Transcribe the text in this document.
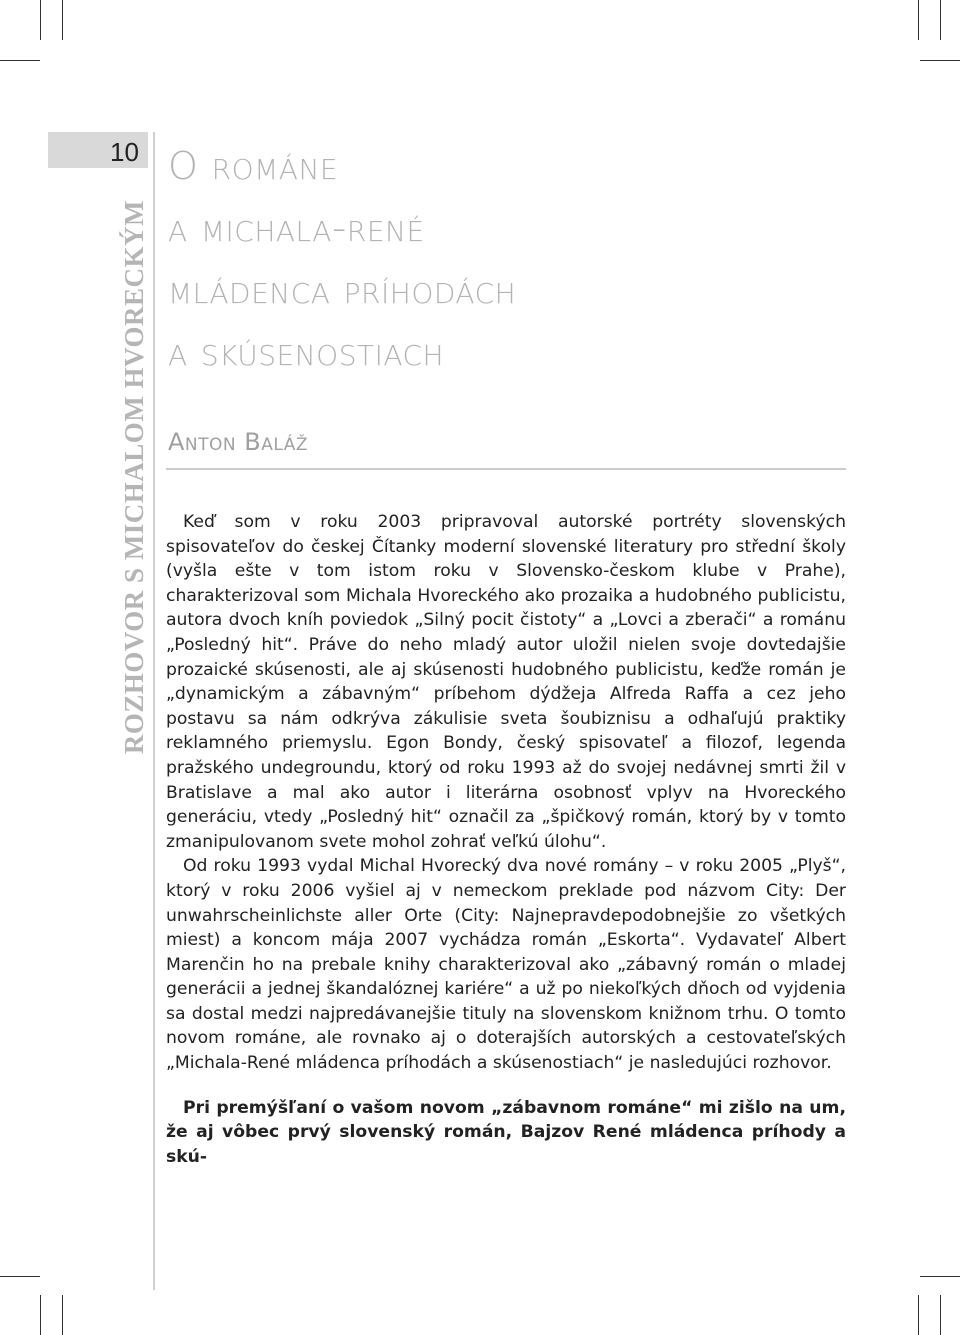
10
ROZHOVOR S MICHALOM HVORECKÝM
o románe
a michala-rené
mládenca príhodách
a skúsenostiach
Anton Baláž

Keď som v roku 2003 pripravoval autorské portréty slovenských spisovateľov do českej Čítanky moderní slovenské literatury pro střední školy (vyšla ešte v tom istom roku v Slovensko-českom klube v Prahe), charakterizoval som Michala Hvoreckého ako prozaika a hudobného publicistu, autora dvoch kníh poviedok „Silný pocit čistoty“ a „Lovci a zberači“ a románu „Posledný hit“. Práve do neho mladý autor uložil nielen svoje dovtedajšie prozaické skúsenosti, ale aj skúsenosti hudobného publicistu, keďže román je „dynamickým a zábavným“ príbehom dýdžeja Alfreda Raffa a cez jeho postavu sa nám odkrýva zákulisie sveta šoubiznisu a odhaľujú praktiky reklamného priemyslu. Egon Bondy, český spisovateľ a filozof, legenda pražského undegroundu, ktorý od roku 1993 až do svojej nedávnej smrti žil v Bratislave a mal ako autor i literárna osobnosť vplyv na Hvoreckého generáciu, vtedy „Posledný hit“ označil za „špičkový román, ktorý by v tomto zmanipulovanom svete mohol zohrať veľkú úlohu“.

Od roku 1993 vydal Michal Hvorecký dva nové romány – v roku 2005 „Plyš“, ktorý v roku 2006 vyšiel aj v nemeckom preklade pod názvom City: Der unwahrscheinlichste aller Orte (City: Najnepravdepodobnejšie zo všetkých miest) a koncom mája 2007 vychádza román „Eskorta“. Vydavateľ Albert Marenčin ho na prebale knihy charakterizoval ako „zábavný román o mladej generácii a jednej škandalóznej kariére“ a už po niekoľkých dňoch od vyjdenia sa dostal medzi najpredávanejšie tituly na slovenskom knižnom trhu. O tomto novom románe, ale rovnako aj o doterajších autorských a cestovateľských „Michala-René mládenca príhodách a skúsenostiach“ je nasledujúci rozhovor.

Pri premýšľaní o vašom novom „zábavnom románe“ mi zišlo na um, že aj vôbec prvý slovenský román, Bajzov René mládenca príhody a skú-
